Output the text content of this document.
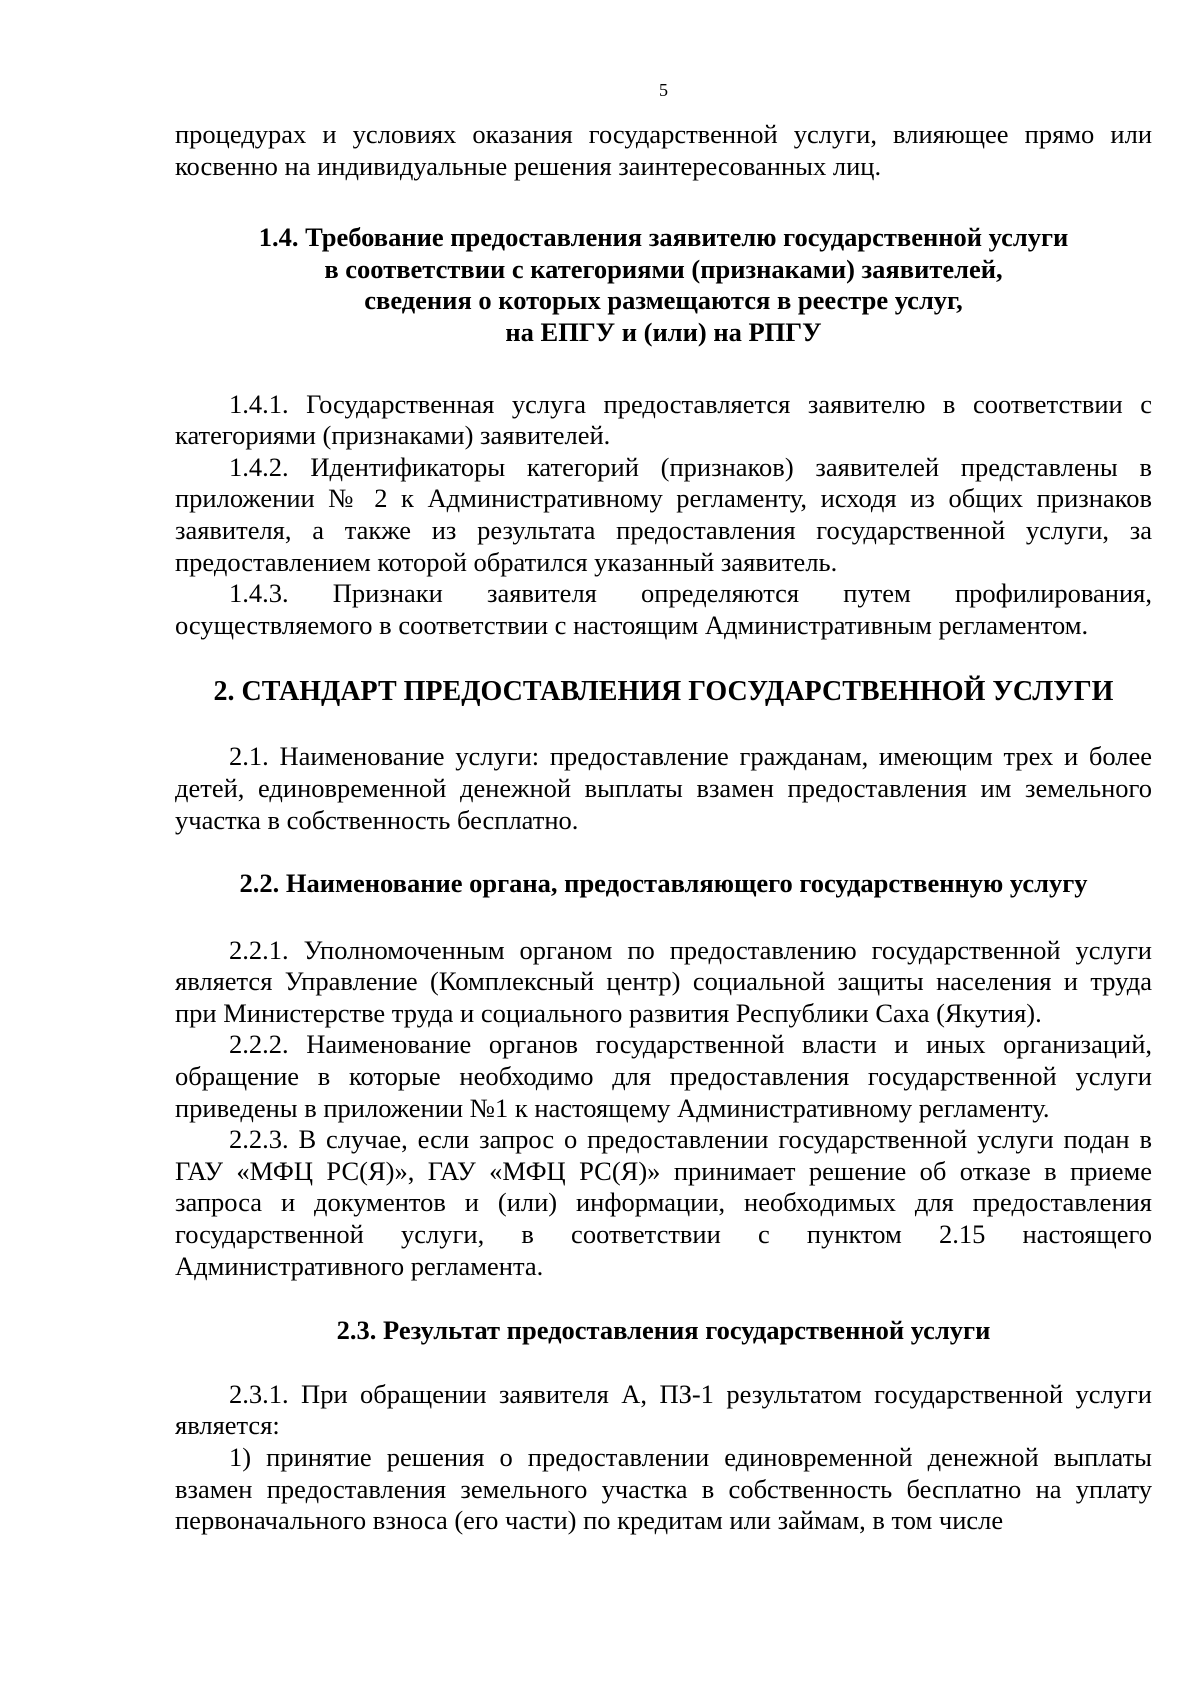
5

процедурах и условиях оказания государственной услуги, влияющее прямо или косвенно на индивидуальные решения заинтересованных лиц.

1.4. Требование предоставления заявителю государственной услуги
в соответствии с категориями (признаками) заявителей,
сведения о которых размещаются в реестре услуг,
на ЕПГУ и (или) на РПГУ

1.4.1. Государственная услуга предоставляется заявителю в соответствии с категориями (признаками) заявителей.

1.4.2. Идентификаторы категорий (признаков) заявителей представлены в приложении № 2 к Административному регламенту, исходя из общих признаков заявителя, а также из результата предоставления государственной услуги, за предоставлением которой обратился указанный заявитель.

1.4.3. Признаки заявителя определяются путем профилирования, осуществляемого в соответствии с настоящим Административным регламентом.

2. СТАНДАРТ ПРЕДОСТАВЛЕНИЯ ГОСУДАРСТВЕННОЙ УСЛУГИ

2.1. Наименование услуги: предоставление гражданам, имеющим трех и более детей, единовременной денежной выплаты взамен предоставления им земельного участка в собственность бесплатно.

2.2. Наименование органа, предоставляющего государственную услугу

2.2.1. Уполномоченным органом по предоставлению государственной услуги является Управление (Комплексный центр) социальной защиты населения и труда при Министерстве труда и социального развития Республики Саха (Якутия).

2.2.2. Наименование органов государственной власти и иных организаций, обращение в которые необходимо для предоставления государственной услуги приведены в приложении №1 к настоящему Административному регламенту.

2.2.3. В случае, если запрос о предоставлении государственной услуги подан в ГАУ «МФЦ РС(Я)», ГАУ «МФЦ РС(Я)» принимает решение об отказе в приеме запроса и документов и (или) информации, необходимых для предоставления государственной услуги, в соответствии с пунктом 2.15 настоящего Административного регламента.

2.3. Результат предоставления государственной услуги

2.3.1. При обращении заявителя А, ПЗ-1 результатом государственной услуги является:

1) принятие решения о предоставлении единовременной денежной выплаты взамен предоставления земельного участка в собственность бесплатно на уплату первоначального взноса (его части) по кредитам или займам, в том числе
